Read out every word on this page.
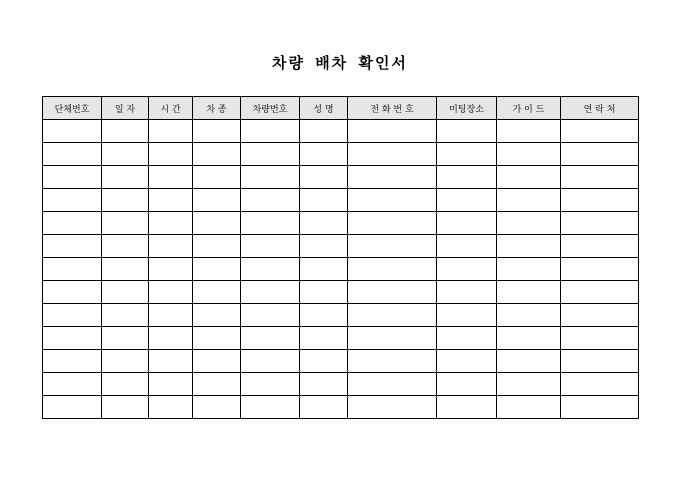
차량 배차 확인서
단체번호	일 자	시 간	차 종	차량번호	성 명	전 화 번 호	미팅장소	가 이 드	연 락 처
